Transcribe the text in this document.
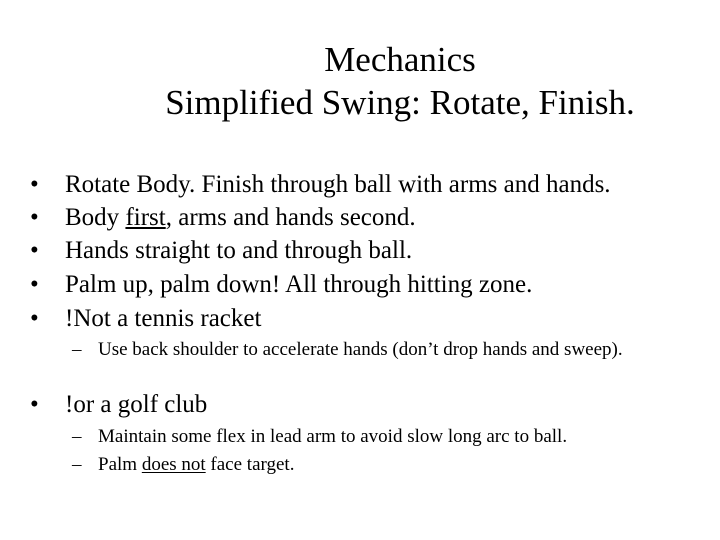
Mechanics
Simplified Swing: Rotate, Finish.
• Rotate Body. Finish through ball with arms and hands.
• Body first, arms and hands second.
• Hands straight to and through ball.
• Palm up, palm down! All through hitting zone.
• !Not a tennis racket
– Use back shoulder to accelerate hands (don’t drop hands and sweep).
• !or a golf club
– Maintain some flex in lead arm to avoid slow long arc to ball.
– Palm does not face target.
